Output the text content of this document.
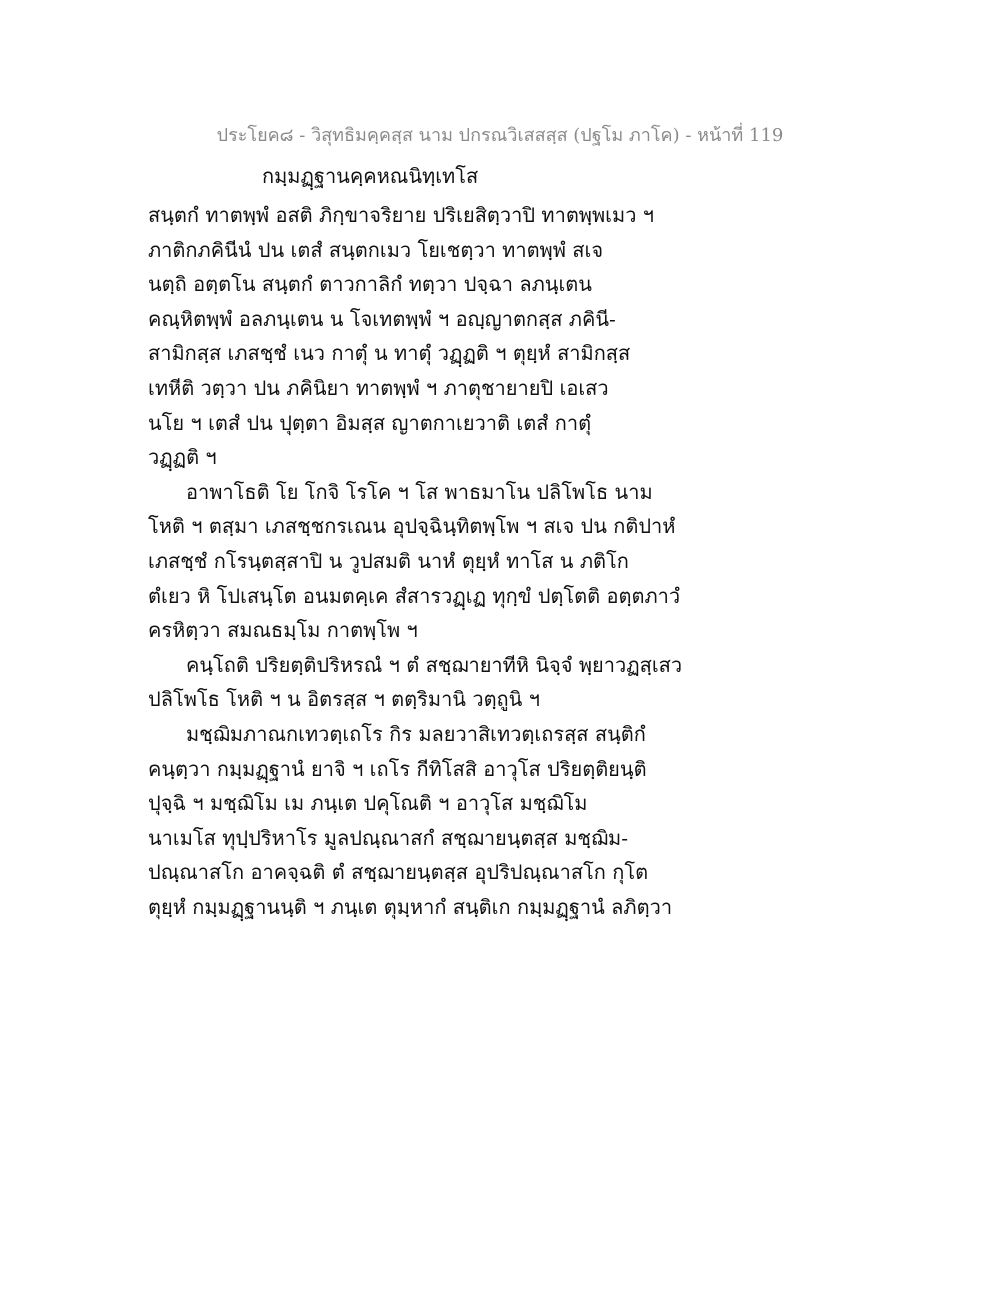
ประโยค๘ - วิสุทธิมคฺคสฺส นาม ปกรณวิเสสสฺส (ปฐโม ภาโค) - หน้าที่ 119
กมฺมฏฺฐานคฺคหณนิทฺเทโส
สนฺตกํ ทาตพฺพํ อสติ ภิกฺขาจริยาย ปริเยสิตฺวาปิ ทาตพฺพเมว ฯ
ภาติกภคินีนํ ปน เตสํ สนฺตกเมว โยเชตฺวา ทาตพฺพํ สเจ
นตฺถิ อตฺตโน สนฺตกํ ตาวกาลิกํ ทตฺวา ปจฺฉา ลภนฺเตน
คณฺหิตพฺพํ อลภนฺเตน น โจเทตพฺพํ ฯ อญฺญาตกสฺส ภคินี-
สามิกสฺส เภสชฺชํ เนว กาตุํ น ทาตุํ วฏฺฏติ ฯ ตุยฺหํ สามิกสฺส
เทหีติ วตฺวา ปน ภคินิยา ทาตพฺพํ ฯ ภาตุชายายปิ เอเสว
นโย ฯ เตสํ ปน ปุตฺตา อิมสฺส ญาตกาเยวาติ เตสํ กาตุํ
วฏฺฏติ ฯ
อาพาโธติ โย โกจิ โรโค ฯ โส พาธมาโน ปลิโพโธ นาม
โหติ ฯ ตสฺมา เภสชฺชกรเณน อุปจฺฉินฺทิตพฺโพ ฯ สเจ ปน กติปาหํ
เภสชฺชํ กโรนฺตสฺสาปิ น วูปสมติ นาหํ ตุยฺหํ ทาโส น ภติโก
ตํเยว หิ โปเสนฺโต อนมตคฺเค สํสารวฏฺเฏ ทุกฺขํ ปตฺโตติ อตฺตภาวํ
ครหิตฺวา สมณธมฺโม กาตพฺโพ ฯ
คนฺโถติ ปริยตฺติปริหรณํ ฯ ตํ สชฺฌายาทีหิ นิจฺจํ พฺยาวฏสฺเสว
ปลิโพโธ โหติ ฯ น อิตรสฺส ฯ ตตฺริมานิ วตฺถูนิ ฯ
มชฺฌิมภาณกเทวตฺเถโร กิร มลยวาสิเทวตฺเถรสฺส สนฺติกํ
คนฺตฺวา กมฺมฏฺฐานํ ยาจิ ฯ เถโร กีทิโสสิ อาวุโส ปริยตฺติยนฺติ
ปุจฺฉิ ฯ มชฺฌิโม เม ภนฺเต ปคุโณติ ฯ อาวุโส มชฺฌิโม
นาเมโส ทุปฺปริหาโร มูลปณฺณาสกํ สชฺฌายนฺตสฺส มชฺฌิม-
ปณฺณาสโก อาคจฺฉติ ตํ สชฺฌายนฺตสฺส อุปริปณฺณาสโก กุโต
ตุยฺหํ กมฺมฏฺฐานนฺติ ฯ ภนฺเต ตุมฺหากํ สนฺติเก กมฺมฏฺฐานํ ลภิตฺวา
